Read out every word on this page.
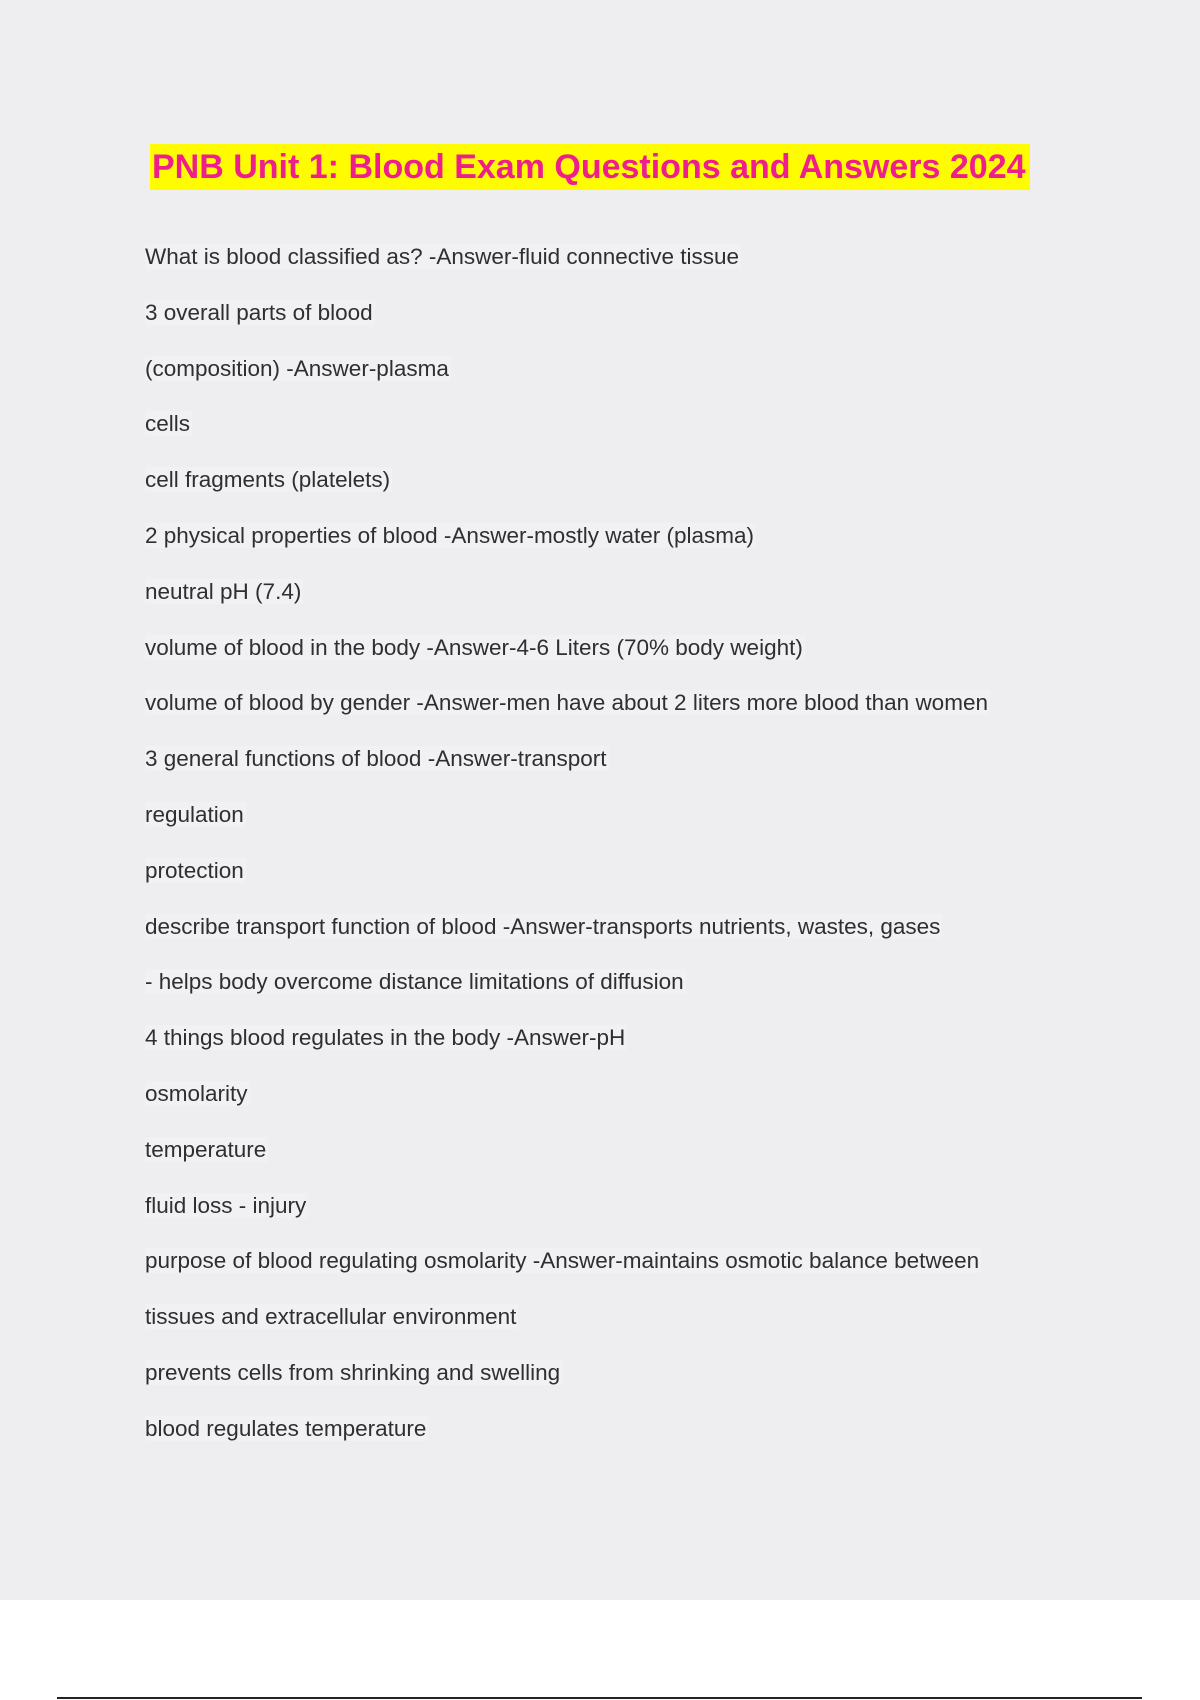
PNB Unit 1: Blood Exam Questions and Answers 2024
What is blood classified as? -Answer-fluid connective tissue
3 overall parts of blood
(composition) -Answer-plasma
cells
cell fragments (platelets)
2 physical properties of blood -Answer-mostly water (plasma)
neutral pH (7.4)
volume of blood in the body -Answer-4-6 Liters (70% body weight)
volume of blood by gender -Answer-men have about 2 liters more blood than women
3 general functions of blood -Answer-transport
regulation
protection
describe transport function of blood -Answer-transports nutrients, wastes, gases
- helps body overcome distance limitations of diffusion
4 things blood regulates in the body -Answer-pH
osmolarity
temperature
fluid loss - injury
purpose of blood regulating osmolarity -Answer-maintains osmotic balance between
tissues and extracellular environment
prevents cells from shrinking and swelling
blood regulates temperature
